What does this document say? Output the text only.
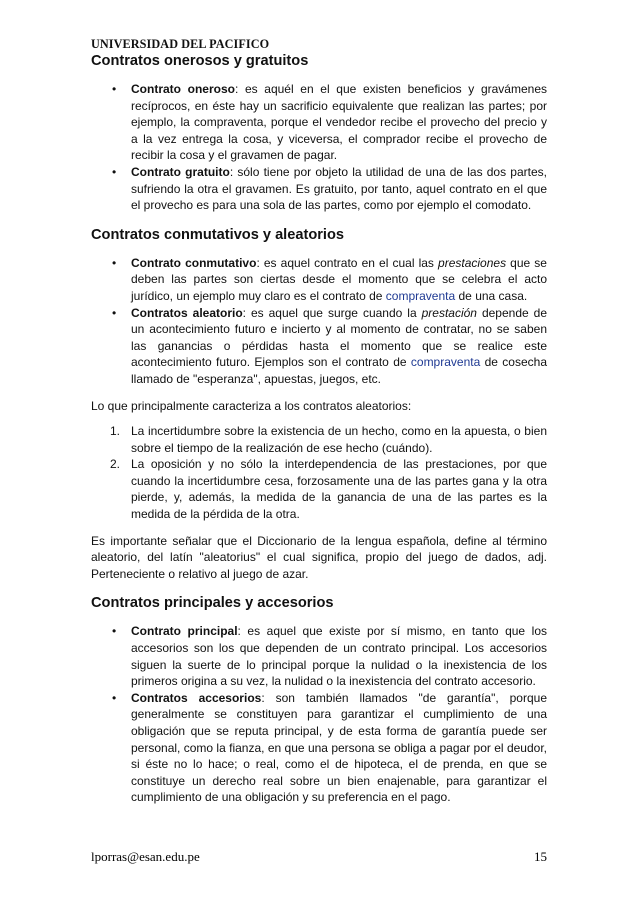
UNIVERSIDAD DEL PACIFICO
Contratos onerosos y gratuitos
• Contrato oneroso: es aquél en el que existen beneficios y gravámenes recíprocos, en éste hay un sacrificio equivalente que realizan las partes; por ejemplo, la compraventa, porque el vendedor recibe el provecho del precio y a la vez entrega la cosa, y viceversa, el comprador recibe el provecho de recibir la cosa y el gravamen de pagar.
• Contrato gratuito: sólo tiene por objeto la utilidad de una de las dos partes, sufriendo la otra el gravamen. Es gratuito, por tanto, aquel contrato en el que el provecho es para una sola de las partes, como por ejemplo el comodato.
Contratos conmutativos y aleatorios
• Contrato conmutativo: es aquel contrato en el cual las prestaciones que se deben las partes son ciertas desde el momento que se celebra el acto jurídico, un ejemplo muy claro es el contrato de compraventa de una casa.
• Contratos aleatorio: es aquel que surge cuando la prestación depende de un acontecimiento futuro e incierto y al momento de contratar, no se saben las ganancias o pérdidas hasta el momento que se realice este acontecimiento futuro. Ejemplos son el contrato de compraventa de cosecha llamado de "esperanza", apuestas, juegos, etc.

Lo que principalmente caracteriza a los contratos aleatorios:

1. La incertidumbre sobre la existencia de un hecho, como en la apuesta, o bien sobre el tiempo de la realización de ese hecho (cuándo).
2. La oposición y no sólo la interdependencia de las prestaciones, por que cuando la incertidumbre cesa, forzosamente una de las partes gana y la otra pierde, y, además, la medida de la ganancia de una de las partes es la medida de la pérdida de la otra.

Es importante señalar que el Diccionario de la lengua española, define al término aleatorio, del latín "aleatorius" el cual significa, propio del juego de dados, adj. Perteneciente o relativo al juego de azar.

Contratos principales y accesorios
• Contrato principal: es aquel que existe por sí mismo, en tanto que los accesorios son los que dependen de un contrato principal. Los accesorios siguen la suerte de lo principal porque la nulidad o la inexistencia de los primeros origina a su vez, la nulidad o la inexistencia del contrato accesorio.
• Contratos accesorios: son también llamados "de garantía", porque generalmente se constituyen para garantizar el cumplimiento de una obligación que se reputa principal, y de esta forma de garantía puede ser personal, como la fianza, en que una persona se obliga a pagar por el deudor, si éste no lo hace; o real, como el de hipoteca, el de prenda, en que se constituye un derecho real sobre un bien enajenable, para garantizar el cumplimiento de una obligación y su preferencia en el pago.
lporras@esan.edu.pe	15
